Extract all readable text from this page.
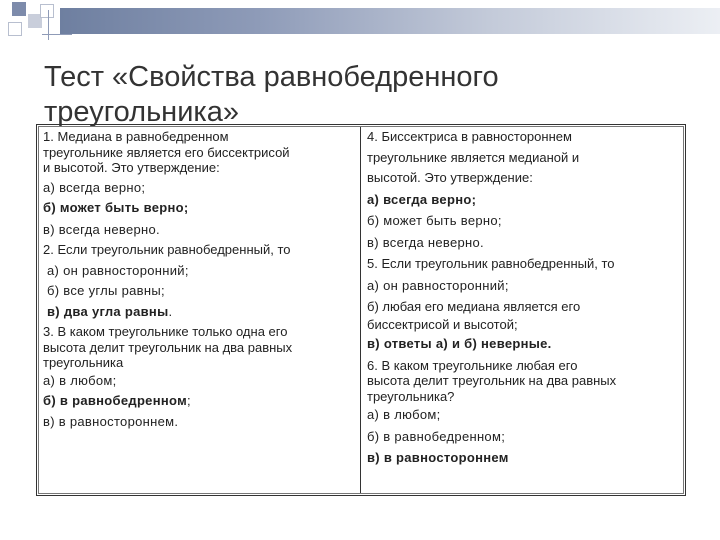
Тест «Свойства равнобедренного
треугольника»
1. Медиана в равнобедренном
треугольнике является его биссектрисой
и высотой. Это утверждение:
а) всегда верно;
б) может быть верно;
в) всегда неверно.
2. Если треугольник равнобедренный, то
а) он равносторонний;
б) все углы равны;
в) два угла равны.
3. В каком треугольнике только одна его
высота делит треугольник на два равных
треугольника
а) в любом;
б) в равнобедренном;
в) в равностороннем.
4. Биссектриса в равностороннем
треугольнике является медианой и
высотой. Это утверждение:
а) всегда верно;
б) может быть верно;
в) всегда неверно.
5. Если треугольник равнобедренный, то
а) он равносторонний;
б) любая его медиана является его
биссектрисой и высотой;
в) ответы а) и б) неверные.
6. В каком треугольнике любая его
высота делит треугольник на два равных
треугольника?
а) в любом;
б) в равнобедренном;
в) в равностороннем
